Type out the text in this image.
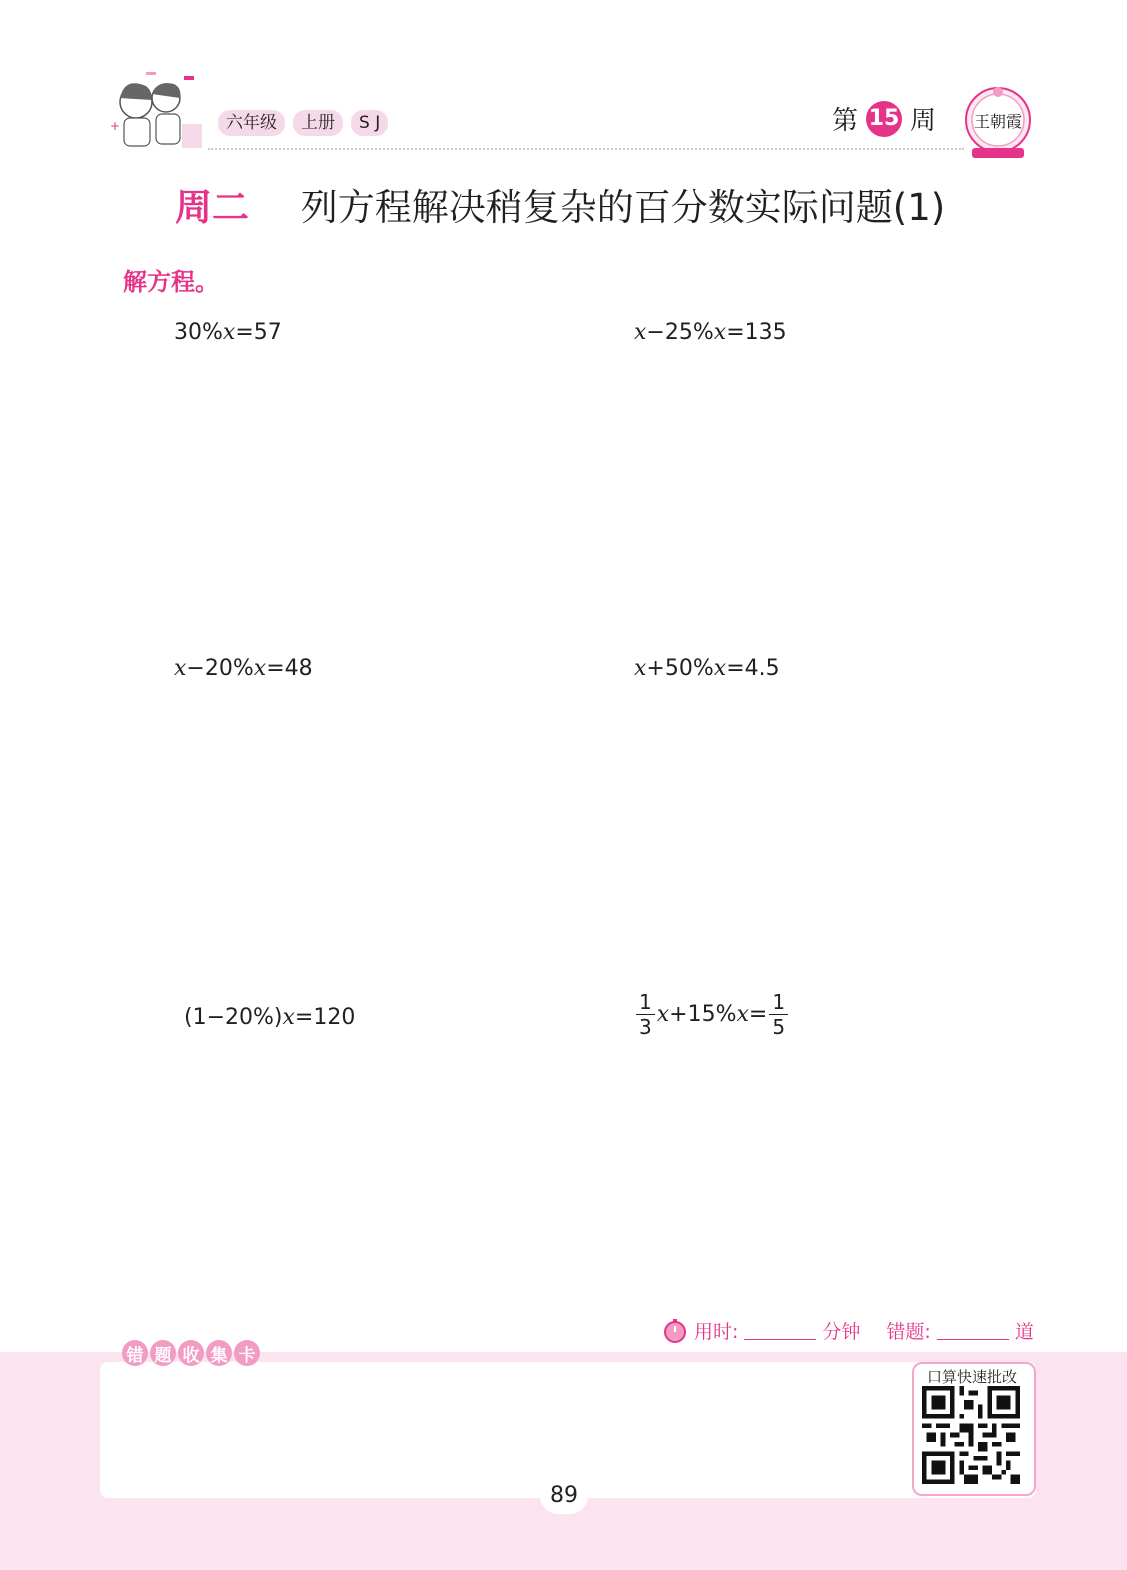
+	六年级	上册	S J	第 15 周 王朝霞
周二 列方程解决稍复杂的百分数实际问题(1)
解方程。
30% x =57	x −25% x =135
x −20% x =48	x +50% x =4.5
(1−20%) x =120	$\frac{1}{3}$ x +15% $x = \frac{1}{5}$
用时:	分钟 错题:	道
错 题 收 集 卡
口算快速批改
89
